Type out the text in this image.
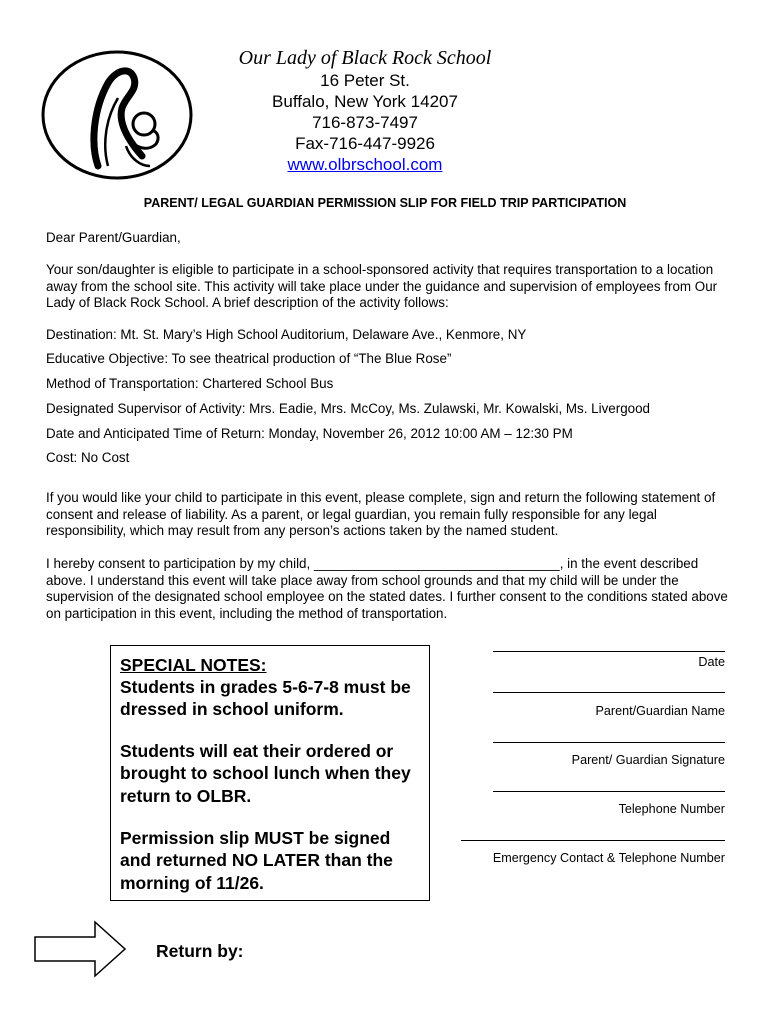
Our Lady of Black Rock School
16 Peter St.
Buffalo, New York 14207
716-873-7497
Fax-716-447-9926
www.olbrschool.com
PARENT/ LEGAL GUARDIAN PERMISSION SLIP FOR FIELD TRIP PARTICIPATION
Dear Parent/Guardian,
Your son/daughter is eligible to participate in a school-sponsored activity that requires transportation to a location away from the school site. This activity will take place under the guidance and supervision of employees from Our Lady of Black Rock School. A brief description of the activity follows:
Destination: Mt. St. Mary’s High School Auditorium, Delaware Ave., Kenmore, NY
Educative Objective: To see theatrical production of “The Blue Rose”
Method of Transportation: Chartered School Bus
Designated Supervisor of Activity: Mrs. Eadie, Mrs. McCoy, Ms. Zulawski, Mr. Kowalski, Ms. Livergood
Date and Anticipated Time of Return: Monday, November 26, 2012 10:00 AM – 12:30 PM
Cost: No Cost
If you would like your child to participate in this event, please complete, sign and return the following statement of consent and release of liability. As a parent, or legal guardian, you remain fully responsible for any legal responsibility, which may result from any person’s actions taken by the named student.
I hereby consent to participation by my child, _________________________________, in the event described above. I understand this event will take place away from school grounds and that my child will be under the supervision of the designated school employee on the stated dates. I further consent to the conditions stated above on participation in this event, including the method of transportation.
SPECIAL NOTES:
Students in grades 5-6-7-8 must be dressed in school uniform.
Students will eat their ordered or brought to school lunch when they return to OLBR.
Permission slip MUST be signed and returned NO LATER than the morning of 11/26.
Date
Parent/Guardian Name
Parent/ Guardian Signature
Telephone Number
Emergency Contact & Telephone Number
Return by:
